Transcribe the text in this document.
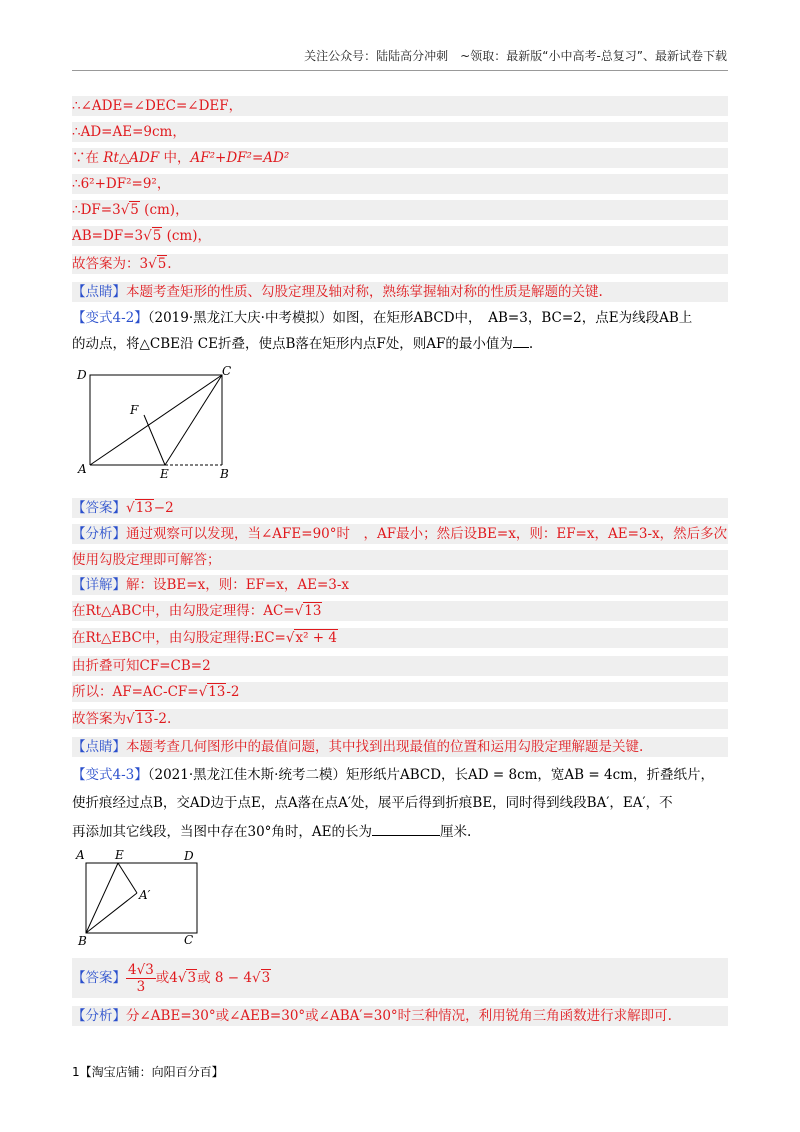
关注公众号：陆陆高分冲刺　~领取：最新版“小中高考-总复习”、最新试卷下载
∴∠ADE=∠DEC=∠DEF，
∴AD=AE=9cm，
∵在 Rt△ADF 中，AF²+DF²=AD²
∴6²+DF²=9²，
∴DF=3√5 (cm)，
AB=DF=3√5 (cm)，
故答案为：3√5.
【点睛】本题考查矩形的性质、勾股定理及轴对称，熟练掌握轴对称的性质是解题的关键.
【变式4-2】（2019·黑龙江大庆·中考模拟）如图，在矩形ABCD中，　AB=3，BC=2，点E为线段AB上
的动点，将△CBE沿 CE折叠，使点B落在矩形内点F处，则AF的最小值为 .
D	C
F
A	E	B
【答案】√13−2
【分析】通过观察可以发现，当∠AFE=90°时　，AF最小；然后设BE=x，则：EF=x，AE=3-x，然后多次
使用勾股定理即可解答；
【详解】解：设BE=x，则：EF=x，AE=3-x
在Rt△ABC中，由勾股定理得：AC=√13
在Rt△EBC中，由勾股定理得:EC=√x² + 4
由折叠可知CF=CB=2
所以：AF=AC-CF=√13-2
故答案为√13-2.
【点睛】本题考查几何图形中的最值问题，其中找到出现最值的位置和运用勾股定理解题是关键.
【变式4-3】（2021·黑龙江佳木斯·统考二模）矩形纸片ABCD，长AD = 8cm，宽AB = 4cm，折叠纸片，
使折痕经过点B，交AD边于点E，点A落在点A′处，展平后得到折痕BE，同时得到线段BA′，EA′，不
再添加其它线段，当图中存在30°角时，AE的长为	厘米.
A	E	D
A′
B	C
【答案】 $\frac{4√3}{3}$ 或4√3或 8 − 4√3
【分析】分∠ABE=30°或∠AEB=30°或∠ABA′=30°时三种情况，利用锐角三角函数进行求解即可.
1【淘宝店铺：向阳百分百】
